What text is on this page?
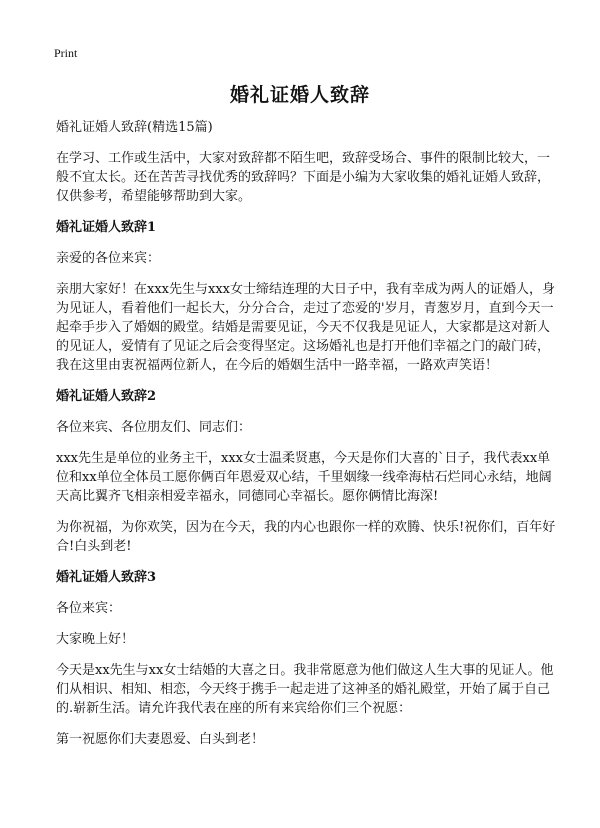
Print
婚礼证婚人致辞

婚礼证婚人致辞(精选15篇)

在学习、工作或生活中，大家对致辞都不陌生吧，致辞受场合、事件的限制比较大，一般不宜太长。还在苦苦寻找优秀的致辞吗？下面是小编为大家收集的婚礼证婚人致辞，仅供参考，希望能够帮助到大家。

婚礼证婚人致辞1

亲爱的各位来宾：

亲朋大家好！在xxx先生与xxx女士缔结连理的大日子中，我有幸成为两人的证婚人，身为见证人，看着他们一起长大，分分合合，走过了恋爱的'岁月，青葱岁月，直到今天一起牵手步入了婚姻的殿堂。结婚是需要见证，今天不仅我是见证人，大家都是这对新人的见证人，爱情有了见证之后会变得坚定。这场婚礼也是打开他们幸福之门的敲门砖，我在这里由衷祝福两位新人，在今后的婚姻生活中一路幸福，一路欢声笑语！

婚礼证婚人致辞2

各位来宾、各位朋友们、同志们：

xxx先生是单位的业务主干，xxx女士温柔贤惠，今天是你们大喜的`日子，我代表xx单位和xx单位全体员工愿你俩百年恩爱双心结，千里姻缘一线牵海枯石烂同心永结，地阔天高比翼齐飞相亲相爱幸福永，同德同心幸福长。愿你俩情比海深!

为你祝福，为你欢笑，因为在今天，我的内心也跟你一样的欢腾、快乐!祝你们，百年好合!白头到老!

婚礼证婚人致辞3

各位来宾：

大家晚上好！

今天是xx先生与xx女士结婚的大喜之日。我非常愿意为他们做这人生大事的见证人。他们从相识、相知、相恋，今天终于携手一起走进了这神圣的婚礼殿堂，开始了属于自己的.崭新生活。请允许我代表在座的所有来宾给你们三个祝愿：

第一祝愿你们夫妻恩爱、白头到老！
